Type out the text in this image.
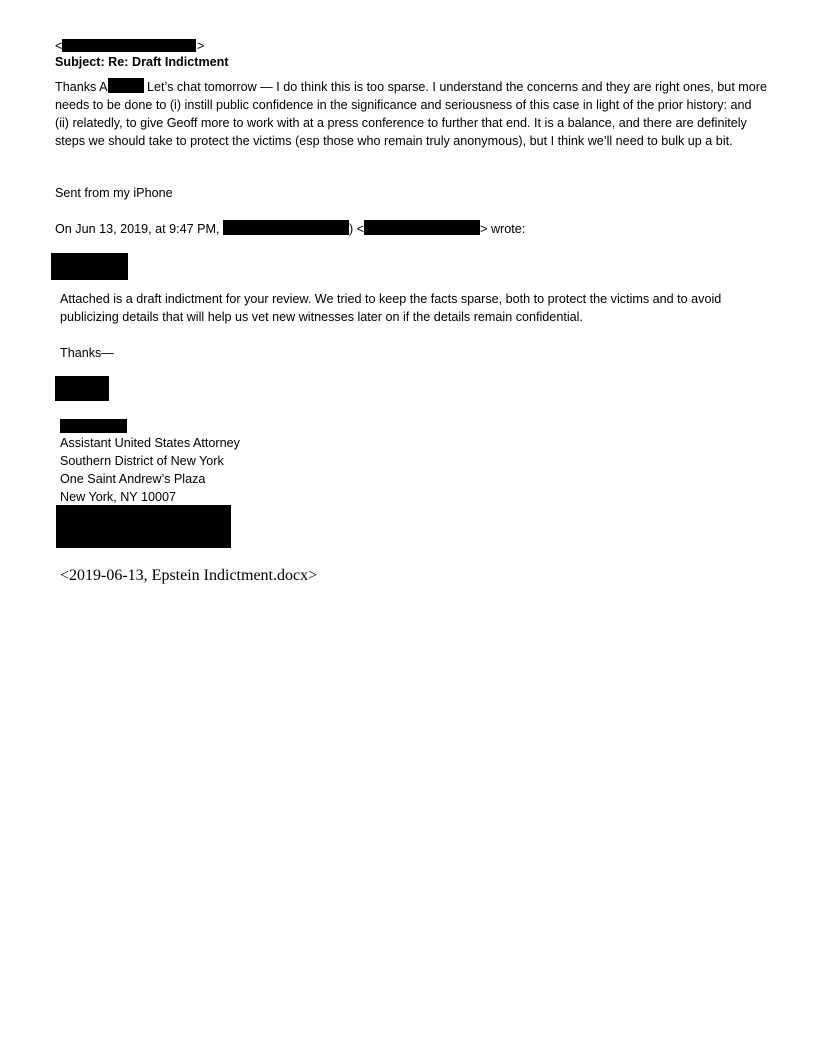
<	>
Subject: Re: Draft Indictment
Thanks A	Let’s chat tomorrow — I do think this is too sparse. I understand the concerns and they are right ones, but more needs to be done to (i) instill public confidence in the significance and seriousness of this case in light of the prior history: and (ii) relatedly, to give Geoff more to work with at a press conference to further that end. It is a balance, and there are definitely steps we should take to protect the victims (esp those who remain truly anonymous), but I think we’ll need to bulk up a bit.
Sent from my iPhone
On Jun 13, 2019, at 9:47 PM,	) <	> wrote:
Attached is a draft indictment for your review. We tried to keep the facts sparse, both to protect the victims and to avoid publicizing details that will help us vet new witnesses later on if the details remain confidential.
Thanks—
Assistant United States Attorney
Southern District of New York
One Saint Andrew’s Plaza
New York, NY 10007
<2019-06-13, Epstein Indictment.docx>
